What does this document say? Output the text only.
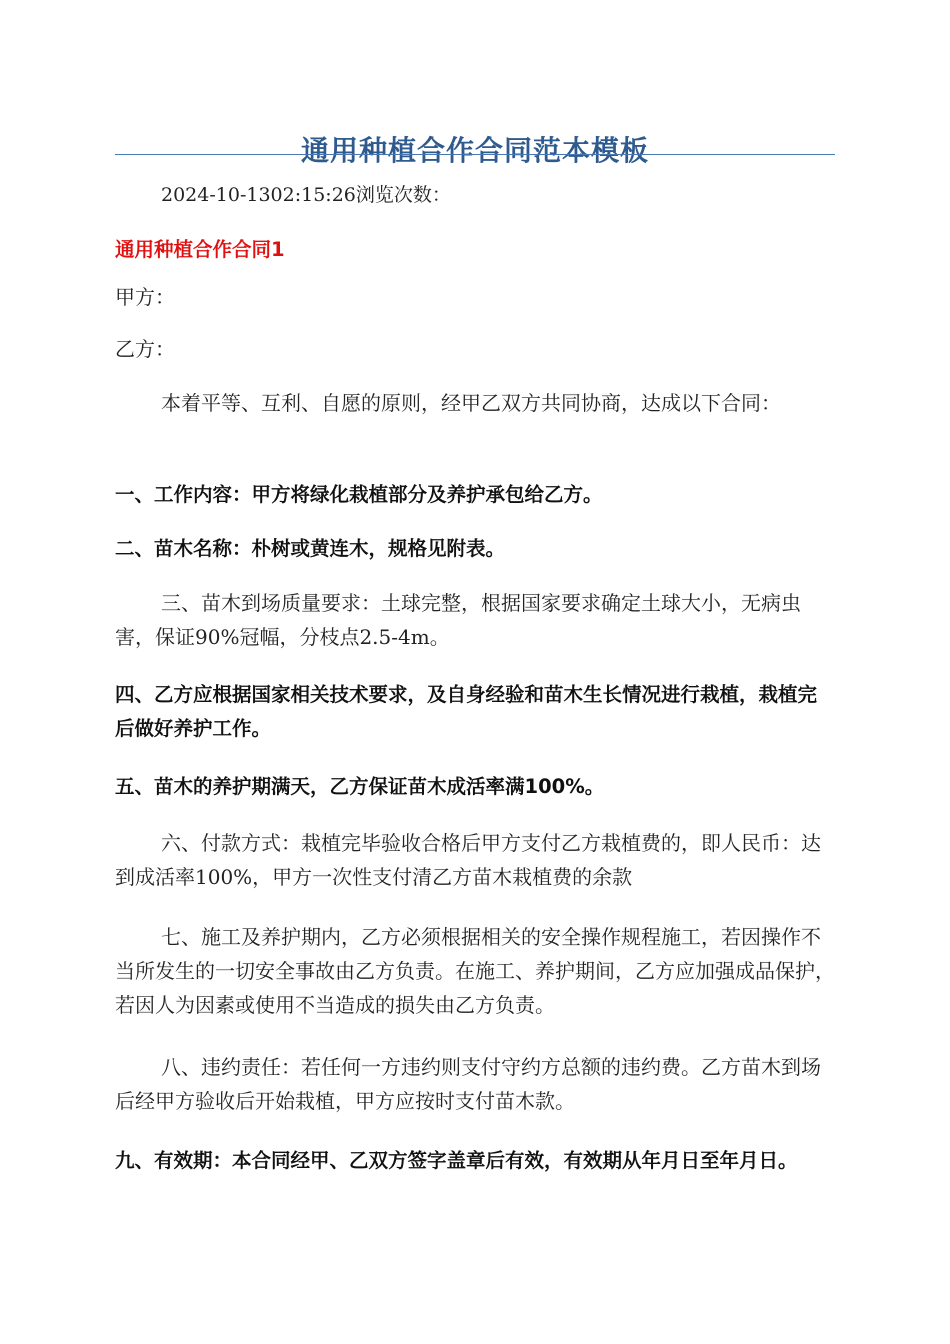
通用种植合作合同范本模板

2024-10-1302:15:26浏览次数：

通用种植合作合同1

甲方：

乙方：

本着平等、互利、自愿的原则，经甲乙双方共同协商，达成以下合同：

一、工作内容：甲方将绿化栽植部分及养护承包给乙方。

二、苗木名称：朴树或黄连木，规格见附表。

三、苗木到场质量要求：土球完整，根据国家要求确定土球大小，无病虫害，保证90%冠幅，分枝点2.5-4m。

四、乙方应根据国家相关技术要求，及自身经验和苗木生长情况进行栽植，栽植完后做好养护工作。

五、苗木的养护期满天，乙方保证苗木成活率满100%。

六、付款方式：栽植完毕验收合格后甲方支付乙方栽植费的，即人民币：达到成活率100%，甲方一次性支付清乙方苗木栽植费的余款

七、施工及养护期内，乙方必须根据相关的安全操作规程施工，若因操作不当所发生的一切安全事故由乙方负责。在施工、养护期间，乙方应加强成品保护，若因人为因素或使用不当造成的损失由乙方负责。

八、违约责任：若任何一方违约则支付守约方总额的违约费。乙方苗木到场后经甲方验收后开始栽植，甲方应按时支付苗木款。

九、有效期：本合同经甲、乙双方签字盖章后有效，有效期从年月日至年月日。
